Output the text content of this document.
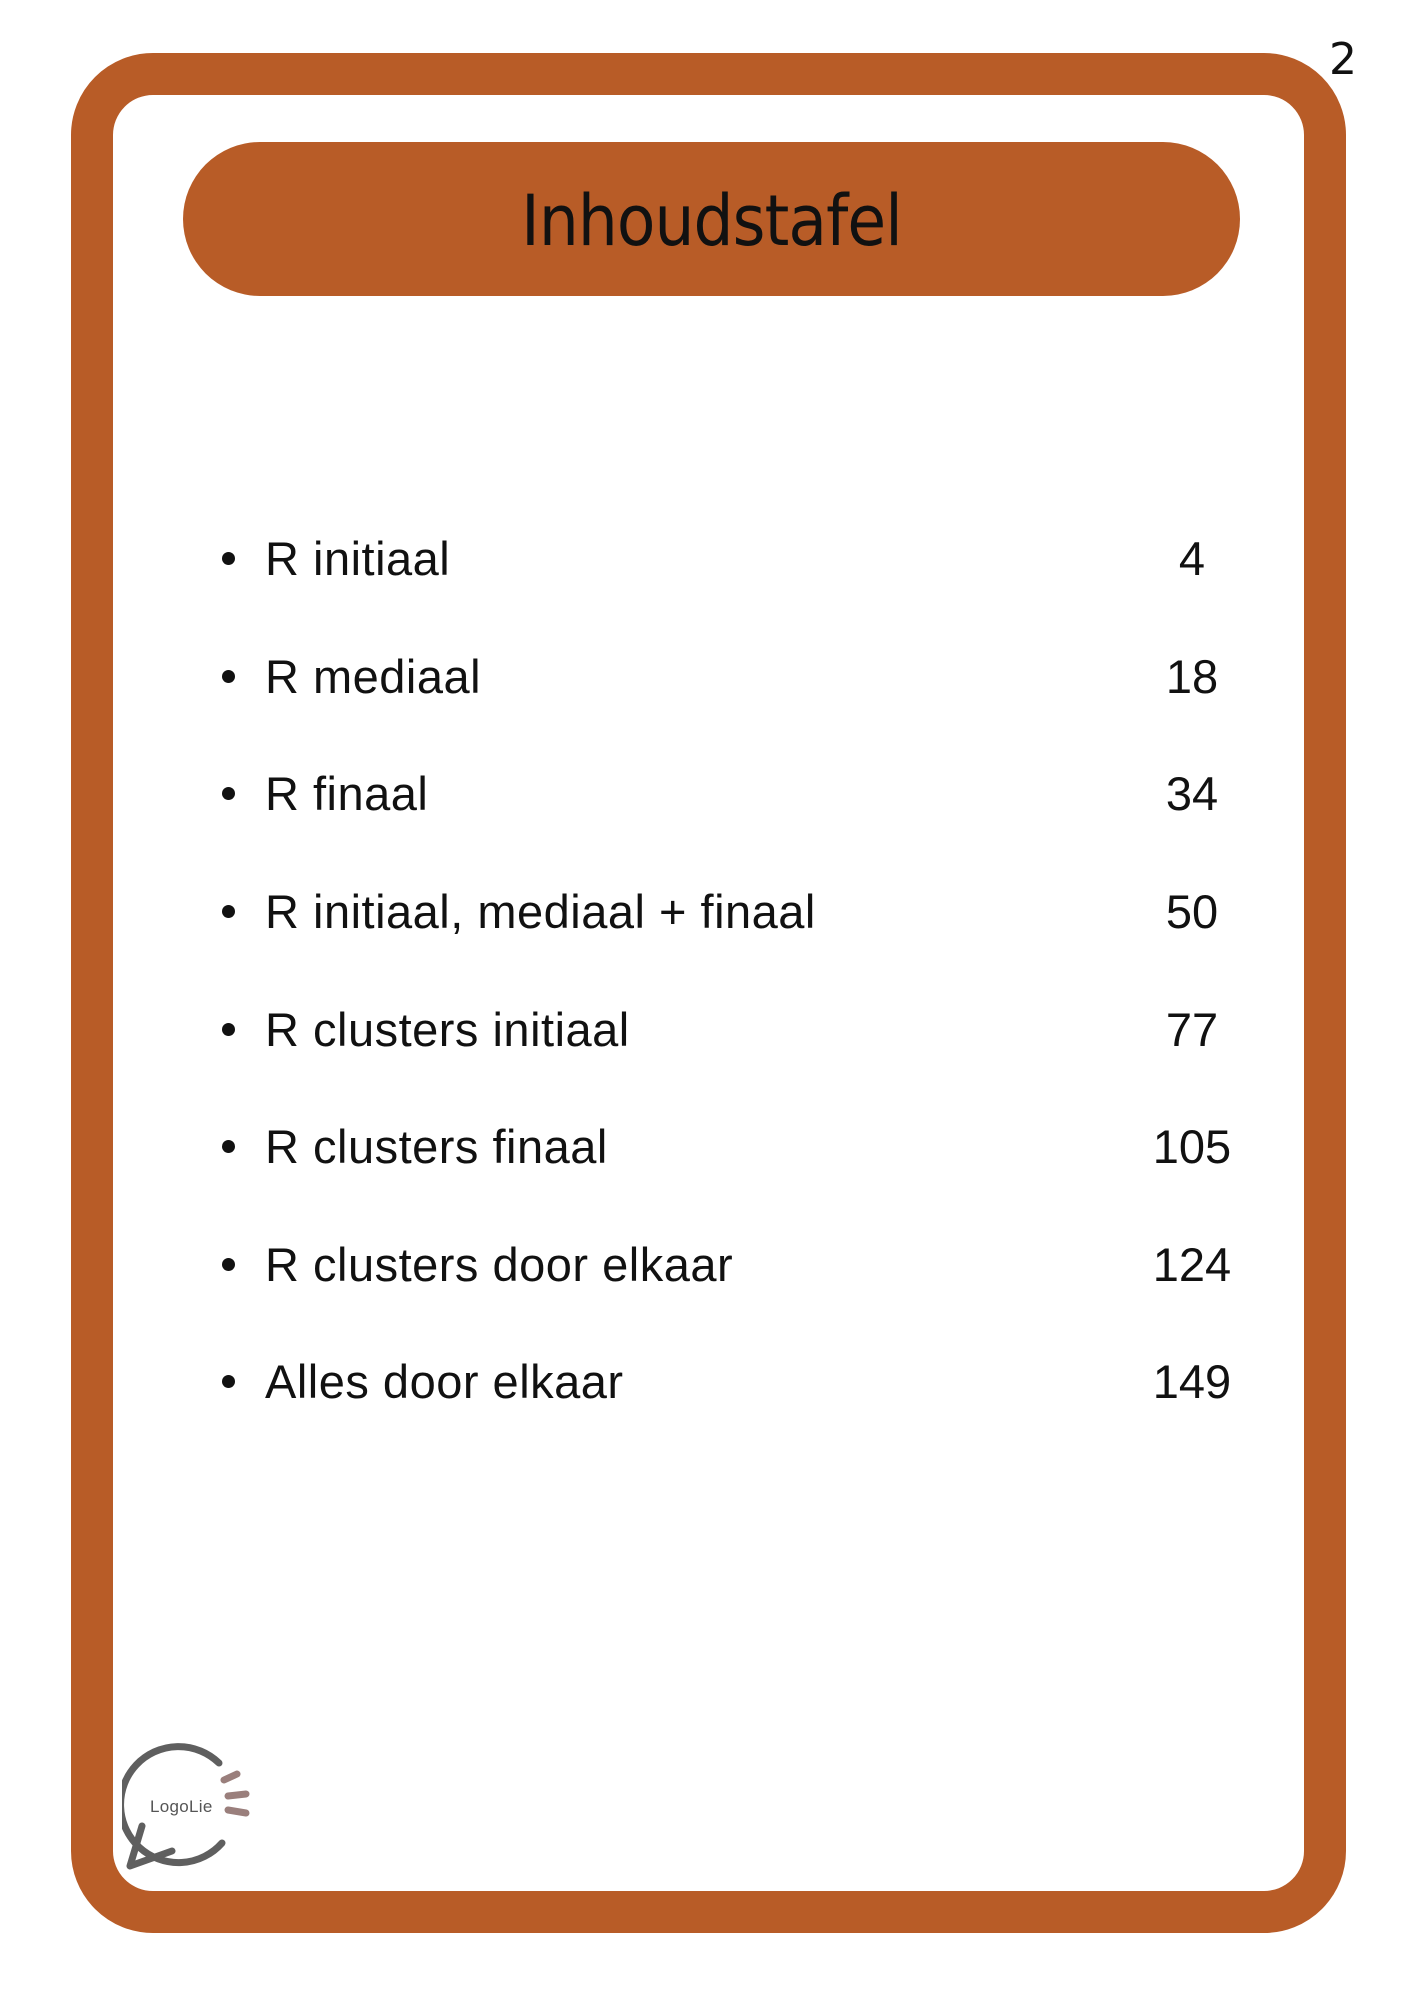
2
Inhoudstafel
R initiaal	4
R mediaal	18
R finaal	34
R initiaal, mediaal + finaal	50
R clusters initiaal	77
R clusters finaal	105
R clusters door elkaar	124
Alles door elkaar	149
LogoLie
